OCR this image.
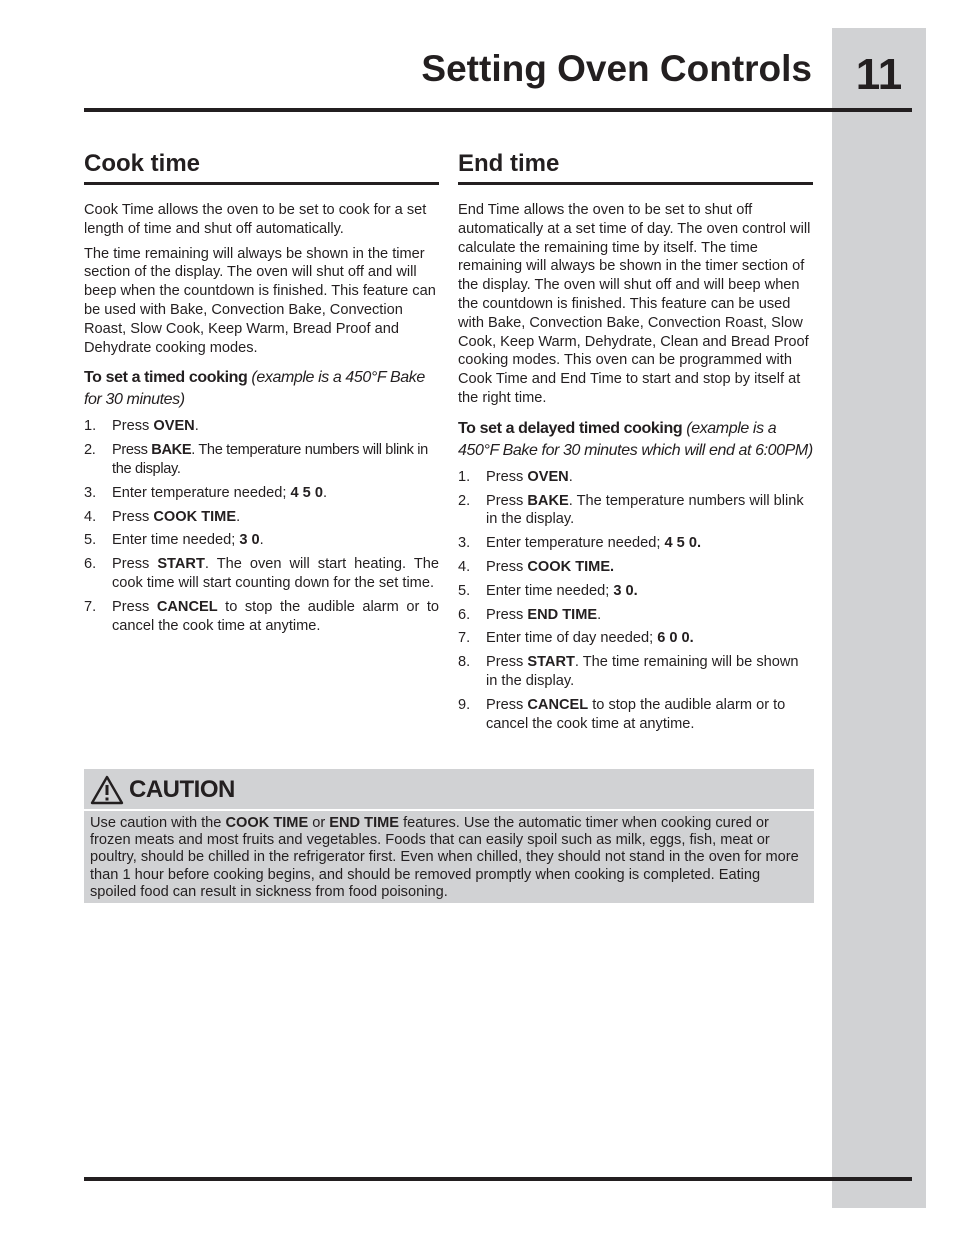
11
Setting Oven Controls
Cook time

Cook Time allows the oven to be set to cook for a set length of time and shut off automatically.

The time remaining will always be shown in the timer section of the display. The oven will shut off and will beep when the countdown is finished. This feature can be used with Bake, Convection Bake, Convection Roast, Slow Cook, Keep Warm, Bread Proof and Dehydrate cooking modes.

To set a timed cooking (example is a 450°F Bake for 30 minutes)
1. Press OVEN.
2. Press BAKE. The temperature numbers will blink in the display.
3. Enter temperature needed; 4 5 0.
4. Press COOK TIME.
5. Enter time needed; 3 0.
6. Press START. The oven will start heating. The cook time will start counting down for the set time.
7. Press CANCEL to stop the audible alarm or to cancel the cook time at anytime.
End time

End Time allows the oven to be set to shut off automatically at a set time of day. The oven control will calculate the remaining time by itself. The time remaining will always be shown in the timer section of the display. The oven will shut off and will beep when the countdown is finished. This feature can be used with Bake, Convection Bake, Convection Roast, Slow Cook, Keep Warm, Dehydrate, Clean and Bread Proof cooking modes. This oven can be programmed with Cook Time and End Time to start and stop by itself at the right time.

To set a delayed timed cooking (example is a 450°F Bake for 30 minutes which will end at 6:00PM)
1. Press OVEN.
2. Press BAKE. The temperature numbers will blink in the display.
3. Enter temperature needed; 4 5 0.
4. Press COOK TIME.
5. Enter time needed; 3 0.
6. Press END TIME.
7. Enter time of day needed; 6 0 0.
8. Press START. The time remaining will be shown in the display.
9. Press CANCEL to stop the audible alarm or to cancel the cook time at anytime.
CAUTION
Use caution with the COOK TIME or END TIME features. Use the automatic timer when cooking cured or frozen meats and most fruits and vegetables. Foods that can easily spoil such as milk, eggs, fish, meat or poultry, should be chilled in the refrigerator first. Even when chilled, they should not stand in the oven for more than 1 hour before cooking begins, and should be removed promptly when cooking is completed. Eating spoiled food can result in sickness from food poisoning.
